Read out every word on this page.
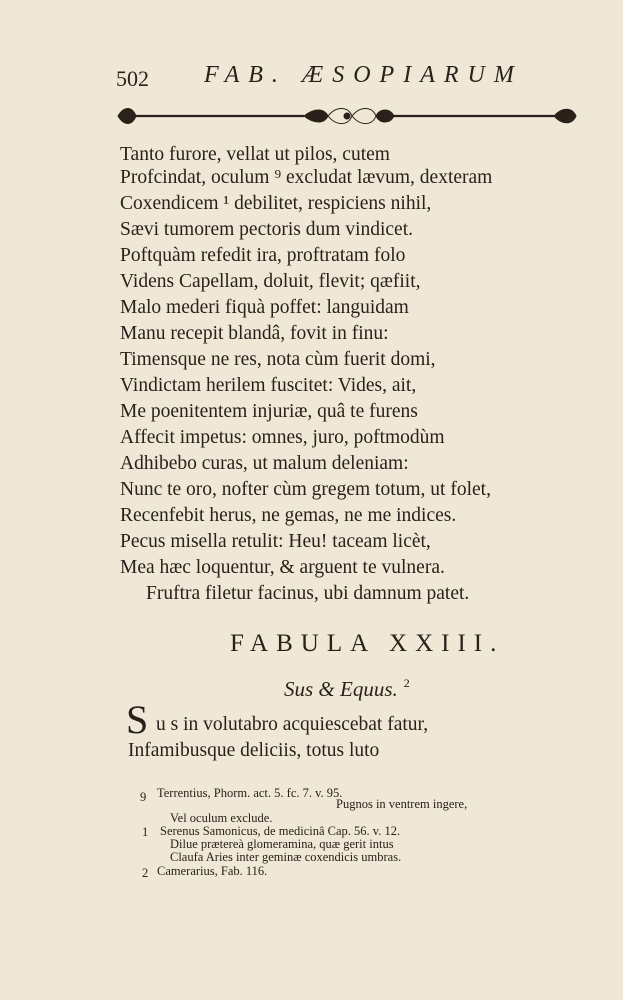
502 FAB. ÆSOPIARUM
Tanto furore, vellat ut pilos, cutem
Profcindat, oculum ⁹ excludat lævum, dexteram
Coxendicem ¹ debilitet, respiciens nihil,
Sævi tumorem pectoris dum vindicet.
Poftquàm refedit ira, proftratam folo
Videns Capellam, doluit, flevit; qæfiit,
Malo mederi fiquà poffet: languidam
Manu recepit blandâ, fovit in finu:
Timensque ne res, nota cùm fuerit domi,
Vindictam herilem fuscitet: Vides, ait,
Me poenitentem injuriæ, quâ te furens
Affecit impetus: omnes, juro, poftmodùm
Adhibebo curas, ut malum deleniam:
Nunc te oro, nofter cùm gregem totum, ut folet,
Recenfebit herus, ne gemas, ne me indices.
Pecus misella retulit: Heu! taceam licèt,
Mea hæc loquentur, & arguent te vulnera.
Fruftra filetur facinus, ubi damnum patet.
FABULA XXIII.
Sus & Equus. $^2$
S u s in volutabro acquiescebat fatur,
Infamibusque deliciis, totus luto
9 Terrentius, Phorm. act. 5. fc. 7. v. 95.
Pugnos in ventrem ingere,
Vel oculum exclude.
1 Serenus Samonicus, de medicinâ Cap. 56. v. 12.
Dilue prætereà glomeramina, quæ gerit intus
Claufa Aries inter geminæ coxendicis umbras.
2 Camerarius, Fab. 116.
